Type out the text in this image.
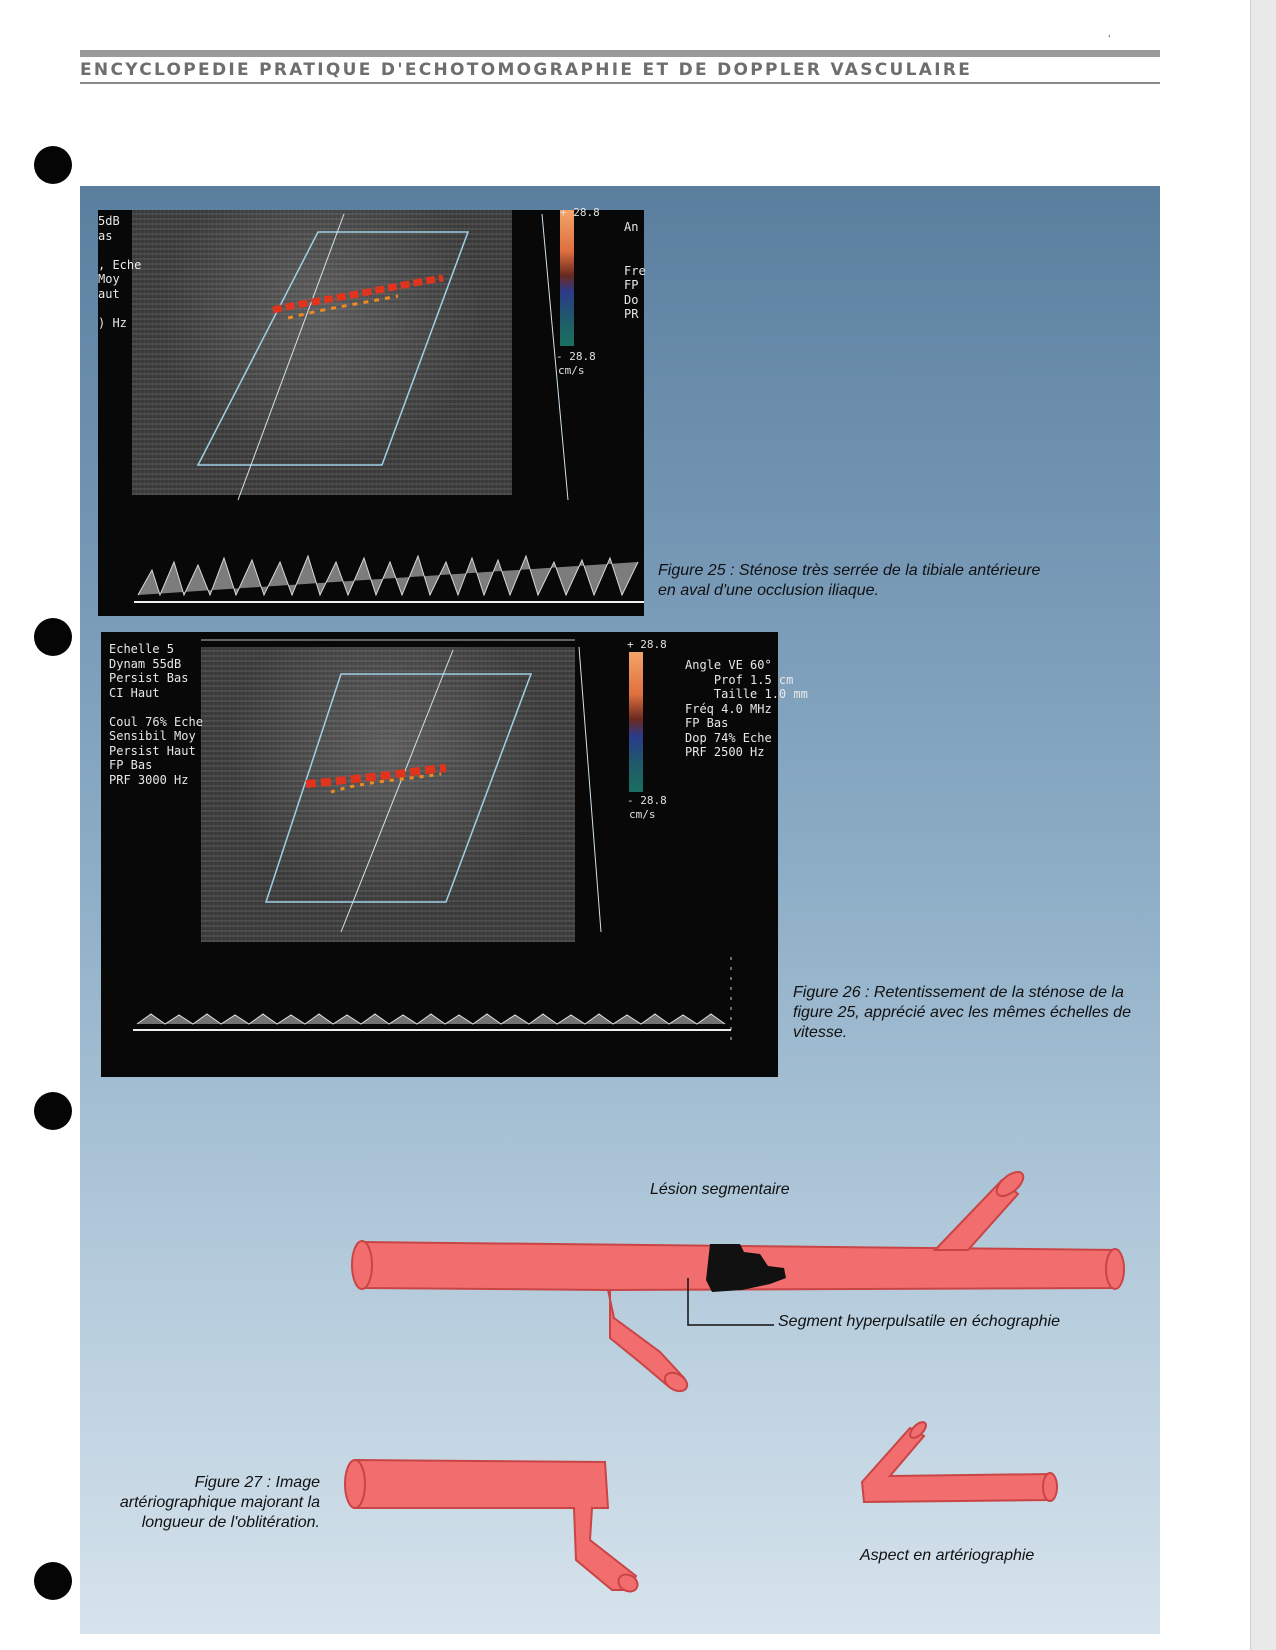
ENCYCLOPEDIE PRATIQUE D'ECHOTOMOGRAPHIE ET DE DOPPLER VASCULAIRE
‘
- 28.8
cm/s
5dB
as

, Eche
Moy
aut

) Hz
An

Fre
FP
Do
PR
+ 28.8
- 28.8
cm/s
Echelle 5
Dynam 55dB
Persist Bas
CI Haut

Coul 76% Eche
Sensibil Moy
Persist Haut
FP Bas
PRF 3000 Hz
Angle VE 60°
Prof 1.5 cm
Taille 1.0 mm
Fréq 4.0 MHz
FP Bas
Dop 74% Eche
PRF 2500 Hz
Figure 25 : Sténose très serrée de la tibiale antérieure en aval d'une occlusion iliaque.
Figure 26 : Retentissement de la sténose de la figure 25, apprécié avec les mêmes échelles de vitesse.
Lésion segmentaire
Segment hyperpulsatile en échographie
Aspect en artériographie
Figure 27 : Image artériographique majorant la longueur de l'oblitération.
+ 28.8
